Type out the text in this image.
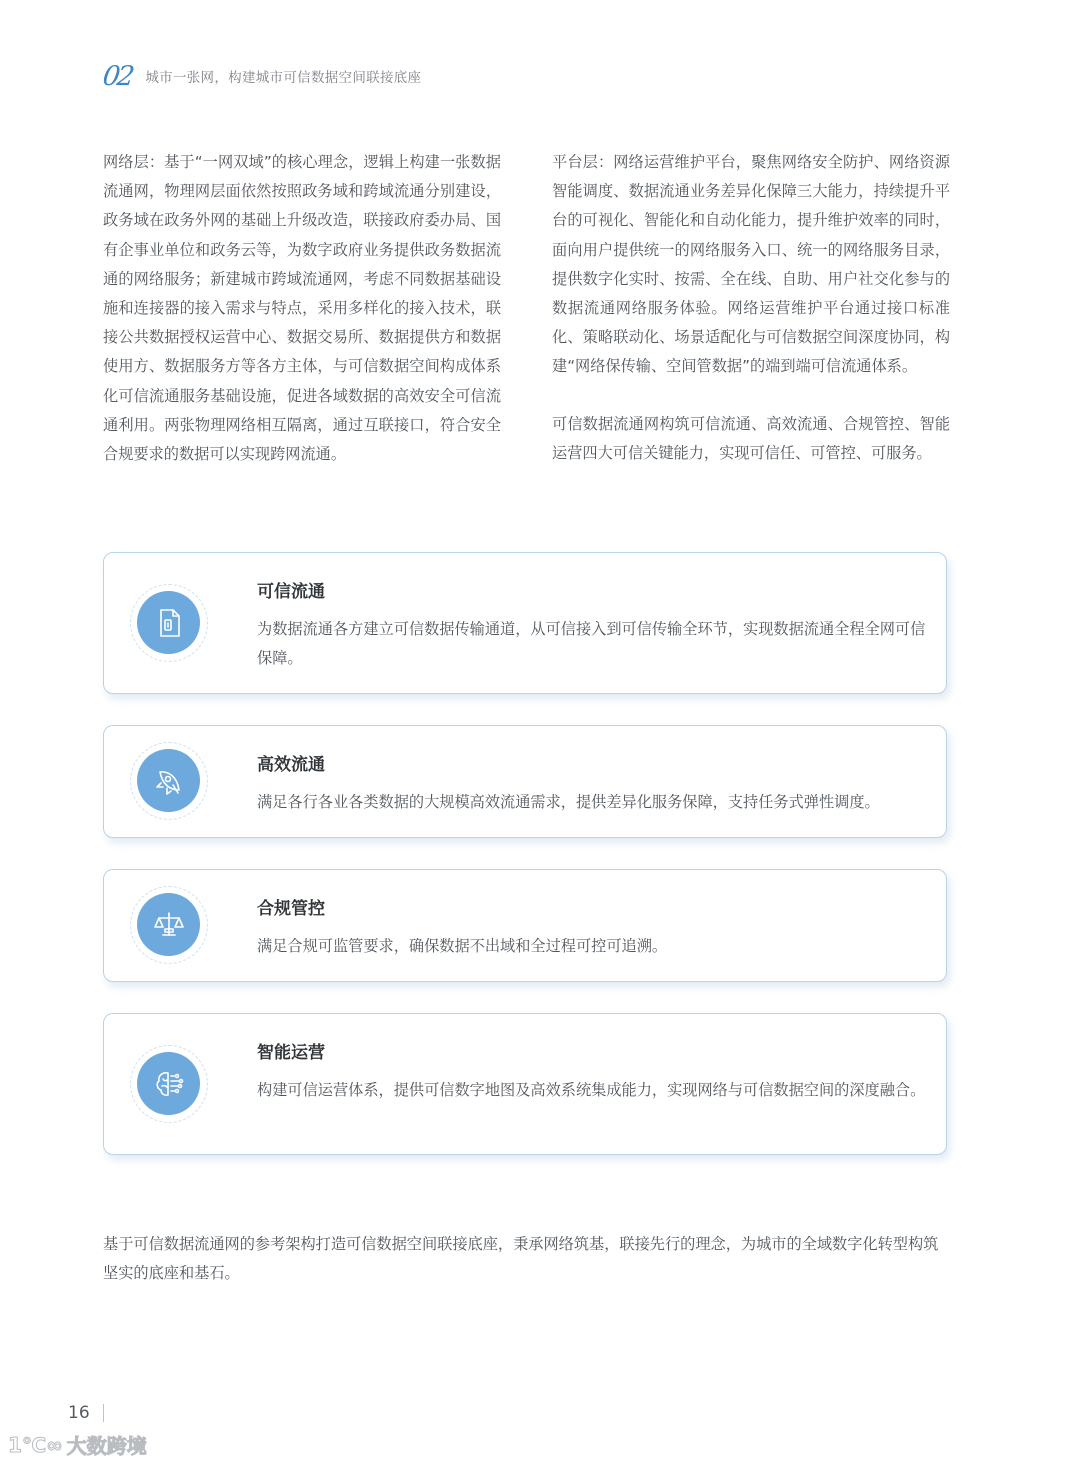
02 城市一张网，构建城市可信数据空间联接底座

网络层：基于“一网双域”的核心理念，逻辑上构建一张数据流通网，物理网层面依然按照政务域和跨域流通分别建设，政务域在政务外网的基础上升级改造，联接政府委办局、国有企事业单位和政务云等，为数字政府业务提供政务数据流通的网络服务；新建城市跨域流通网，考虑不同数据基础设施和连接器的接入需求与特点，采用多样化的接入技术，联接公共数据授权运营中心、数据交易所、数据提供方和数据使用方、数据服务方等各方主体，与可信数据空间构成体系化可信流通服务基础设施，促进各域数据的高效安全可信流通利用。两张物理网络相互隔离，通过互联接口，符合安全合规要求的数据可以实现跨网流通。

平台层：网络运营维护平台，聚焦网络安全防护、网络资源智能调度、数据流通业务差异化保障三大能力，持续提升平台的可视化、智能化和自动化能力，提升维护效率的同时，面向用户提供统一的网络服务入口、统一的网络服务目录，提供数字化实时、按需、全在线、自助、用户社交化参与的数据流通网络服务体验。网络运营维护平台通过接口标准化、策略联动化、场景适配化与可信数据空间深度协同，构建“网络保传输、空间管数据”的端到端可信流通体系。

可信数据流通网构筑可信流通、高效流通、合规管控、智能运营四大可信关键能力，实现可信任、可管控、可服务。

可信流通
为数据流通各方建立可信数据传输通道，从可信接入到可信传输全环节，实现数据流通全程全网可信保障。
高效流通
满足各行各业各类数据的大规模高效流通需求，提供差异化服务保障，支持任务式弹性调度。
合规管控
满足合规可监管要求，确保数据不出域和全过程可控可追溯。
智能运营
构建可信运营体系，提供可信数字地图及高效系统集成能力，实现网络与可信数据空间的深度融合。
基于可信数据流通网的参考架构打造可信数据空间联接底座，秉承网络筑基，联接先行的理念，为城市的全域数字化转型构筑坚实的底座和基石。
16
1℃∞ 大数跨境
